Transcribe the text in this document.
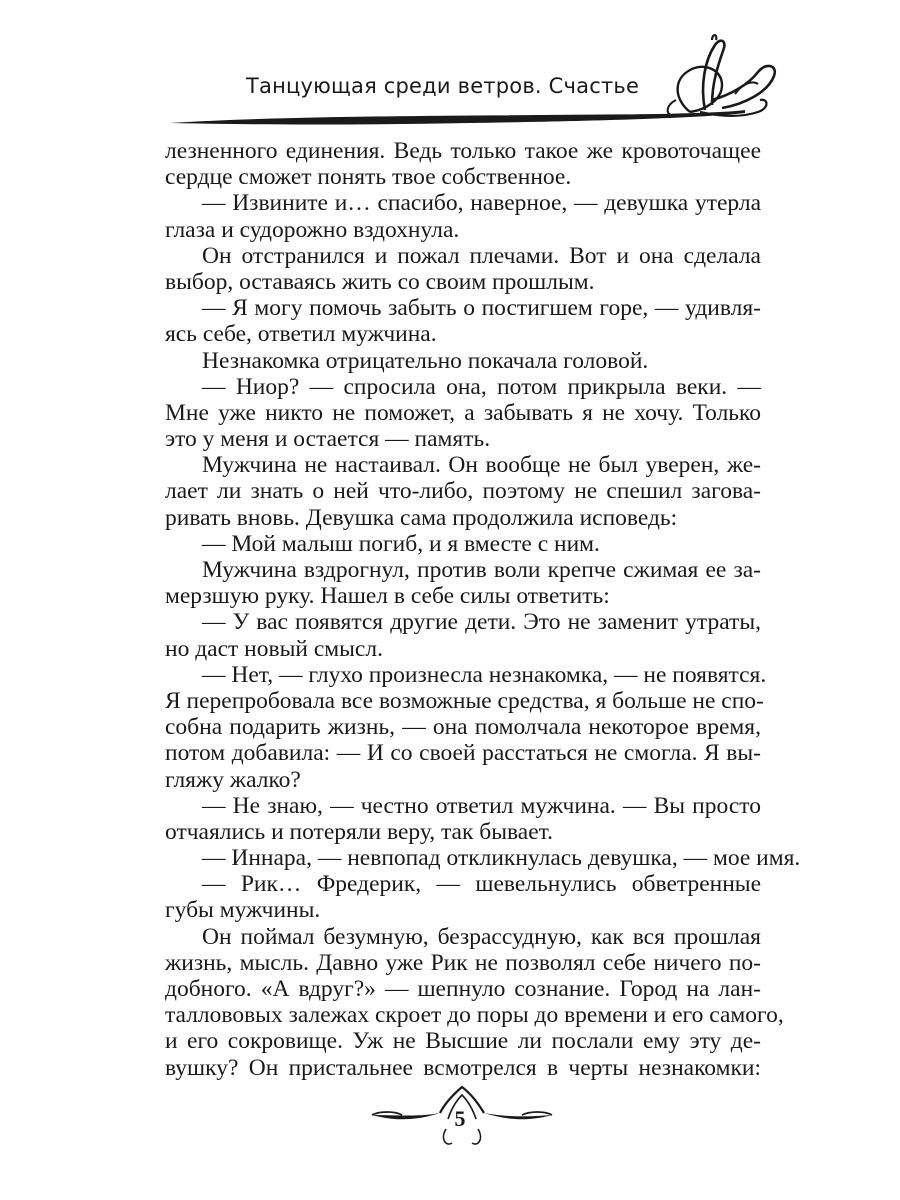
Танцующая среди ветров. Счастье
лезненного единения. Ведь только такое же кровоточащее
сердце сможет понять твое собственное.
— Извините и… спасибо, наверное, — девушка утерла
глаза и судорожно вздохнула.
Он отстранился и пожал плечами. Вот и она сделала
выбор, оставаясь жить со своим прошлым.
— Я могу помочь забыть о постигшем горе, — удивля-
ясь себе, ответил мужчина.
Незнакомка отрицательно покачала головой.
— Ниор? — спросила она, потом прикрыла веки. —
Мне уже никто не поможет, а забывать я не хочу. Только
это у меня и остается — память.
Мужчина не настаивал. Он вообще не был уверен, же-
лает ли знать о ней что-либо, поэтому не спешил загова-
ривать вновь. Девушка сама продолжила исповедь:
— Мой малыш погиб, и я вместе с ним.
Мужчина вздрогнул, против воли крепче сжимая ее за-
мерзшую руку. Нашел в себе силы ответить:
— У вас появятся другие дети. Это не заменит утраты,
но даст новый смысл.
— Нет, — глухо произнесла незнакомка, — не появятся.
Я перепробовала все возможные средства, я больше не спо-
собна подарить жизнь, — она помолчала некоторое время,
потом добавила: — И со своей расстаться не смогла. Я вы-
гляжу жалко?
— Не знаю, — честно ответил мужчина. — Вы просто
отчаялись и потеряли веру, так бывает.
— Иннара, — невпопад откликнулась девушка, — мое имя.
— Рик… Фредерик, — шевельнулись обветренные
губы мужчины.
Он поймал безумную, безрассудную, как вся прошлая
жизнь, мысль. Давно уже Рик не позволял себе ничего по-
добного. «А вдруг?» — шепнуло сознание. Город на лан-
таллововых залежах скроет до поры до времени и его самого,
и его сокровище. Уж не Высшие ли послали ему эту де-
вушку? Он пристальнее всмотрелся в черты незнакомки:
5
